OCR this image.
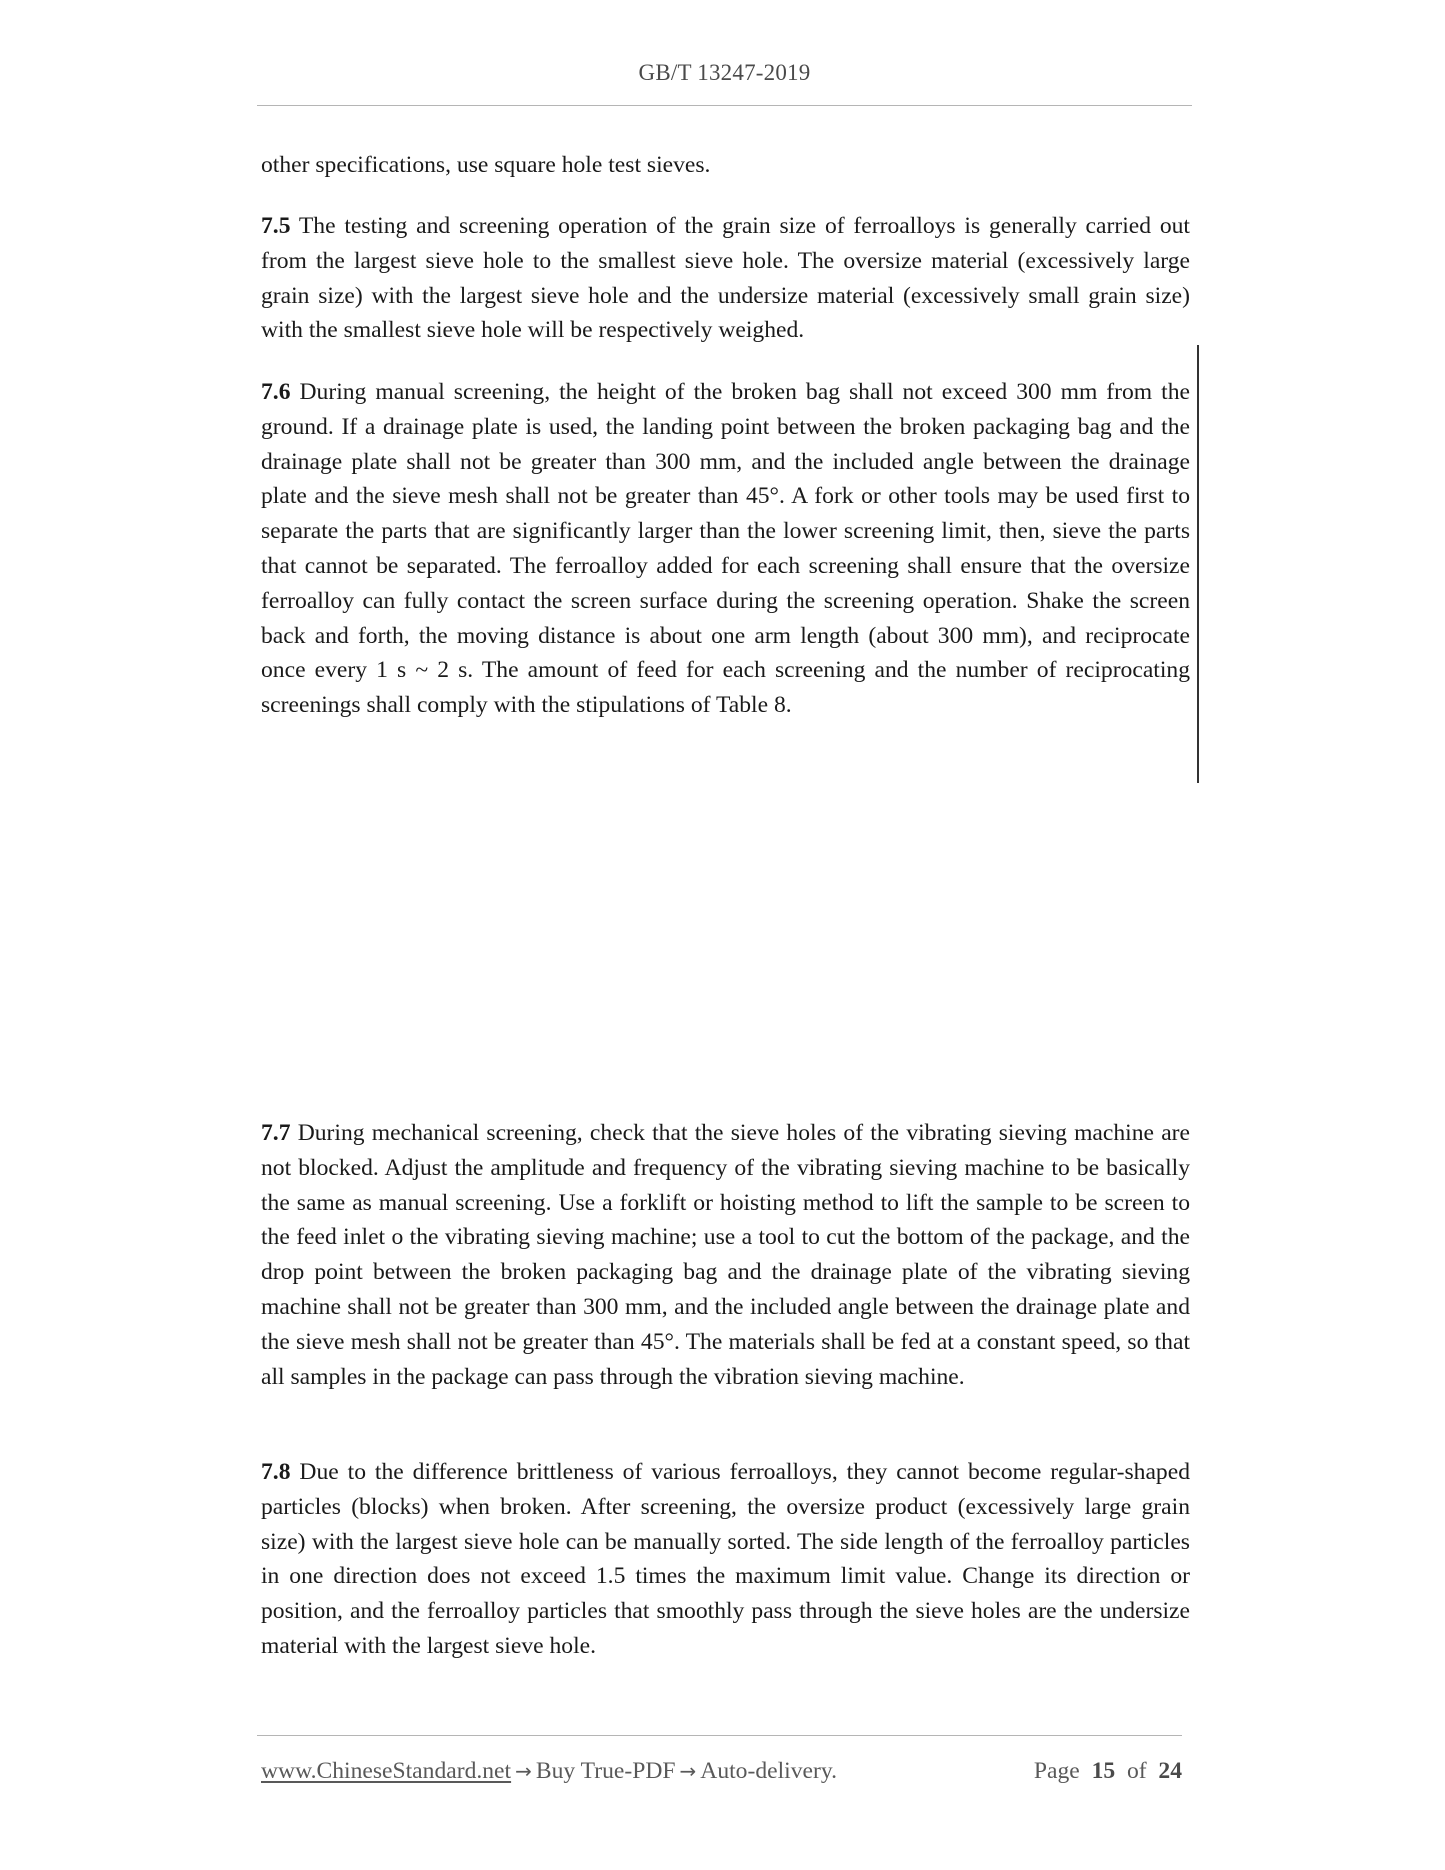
GB/T 13247-2019

other specifications, use square hole test sieves.

7.5 The testing and screening operation of the grain size of ferroalloys is generally carried out from the largest sieve hole to the smallest sieve hole. The oversize material (excessively large grain size) with the largest sieve hole and the undersize material (excessively small grain size) with the smallest sieve hole will be respectively weighed.

7.6 During manual screening, the height of the broken bag shall not exceed 300 mm from the ground. If a drainage plate is used, the landing point between the broken packaging bag and the drainage plate shall not be greater than 300 mm, and the included angle between the drainage plate and the sieve mesh shall not be greater than 45°. A fork or other tools may be used first to separate the parts that are significantly larger than the lower screening limit, then, sieve the parts that cannot be separated. The ferroalloy added for each screening shall ensure that the oversize ferroalloy can fully contact the screen surface during the screening operation. Shake the screen back and forth, the moving distance is about one arm length (about 300 mm), and reciprocate once every 1 s ~ 2 s. The amount of feed for each screening and the number of reciprocating screenings shall comply with the stipulations of Table 8.

7.7 During mechanical screening, check that the sieve holes of the vibrating sieving machine are not blocked. Adjust the amplitude and frequency of the vibrating sieving machine to be basically the same as manual screening. Use a forklift or hoisting method to lift the sample to be screen to the feed inlet o the vibrating sieving machine; use a tool to cut the bottom of the package, and the drop point between the broken packaging bag and the drainage plate of the vibrating sieving machine shall not be greater than 300 mm, and the included angle between the drainage plate and the sieve mesh shall not be greater than 45°. The materials shall be fed at a constant speed, so that all samples in the package can pass through the vibration sieving machine.

7.8 Due to the difference brittleness of various ferroalloys, they cannot become regular-shaped particles (blocks) when broken. After screening, the oversize product (excessively large grain size) with the largest sieve hole can be manually sorted. The side length of the ferroalloy particles in one direction does not exceed 1.5 times the maximum limit value. Change its direction or position, and the ferroalloy particles that smoothly pass through the sieve holes are the undersize material with the largest sieve hole.

www.ChineseStandard.net → Buy True-PDF → Auto-delivery.	Page 15 of 24
